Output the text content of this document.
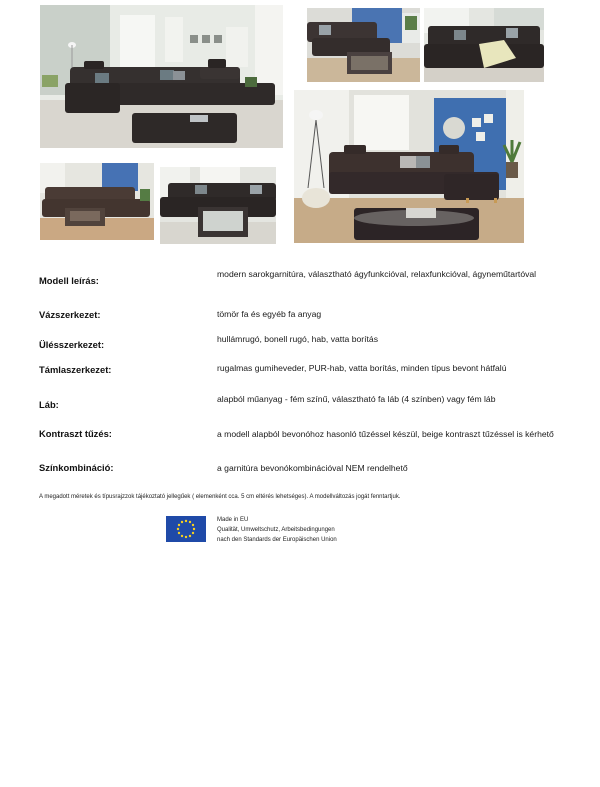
Modell leírás:
modern sarokgarnitúra, választható ágyfunkcióval, relaxfunkcióval, ágyneműtartóval
Vázszerkezet:	tömör fa és egyéb fa anyag
Ülésszerkezet:	hullámrugó, bonell rugó, hab, vatta borítás
Támlaszerkezet:	rugalmas gumiheveder, PUR-hab, vatta borítás, minden típus bevont hátfalú
Láb:	alapból műanyag - fém színű, választható fa láb (4 színben) vagy fém láb
Kontraszt tűzés:	a modell alapból bevonóhoz hasonló tűzéssel készül, beige kontraszt tűzéssel is kérhető
Színkombináció:	a garnitúra bevonókombinációval NEM rendelhető
A megadott méretek és típusrajzzok tájékoztató jellegűek ( elemenként cca. 5 cm eltérés lehetséges). A modellváltozás jogát fenntartjuk.
Made in EU
Qualität, Umweltschutz, Arbeitsbedingungen
nach den Standards der Europäischen Union
